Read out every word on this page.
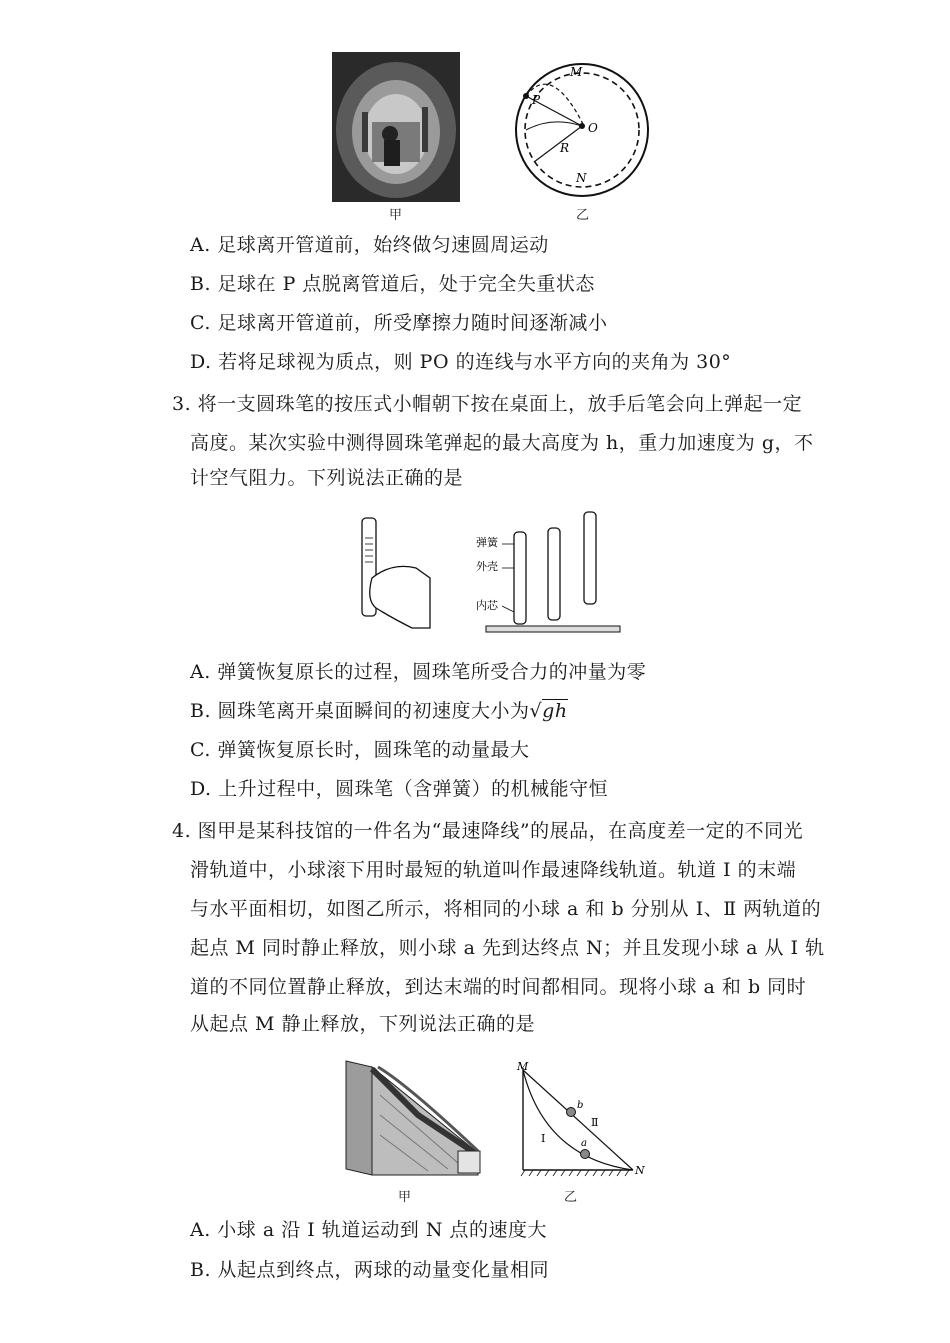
甲
M
P
O
R
N
乙
A. 足球离开管道前，始终做匀速圆周运动
B. 足球在 P 点脱离管道后，处于完全失重状态
C. 足球离开管道前，所受摩擦力随时间逐渐减小
D. 若将足球视为质点，则 PO 的连线与水平方向的夹角为 30°
3. 将一支圆珠笔的按压式小帽朝下按在桌面上，放手后笔会向上弹起一定
高度。某次实验中测得圆珠笔弹起的最大高度为 h，重力加速度为 g，不
计空气阻力。下列说法正确的是
弹簧
外壳
内芯
A. 弹簧恢复原长的过程，圆珠笔所受合力的冲量为零
B. 圆珠笔离开桌面瞬间的初速度大小为√gh
C. 弹簧恢复原长时，圆珠笔的动量最大
D. 上升过程中，圆珠笔（含弹簧）的机械能守恒
4. 图甲是某科技馆的一件名为“最速降线”的展品，在高度差一定的不同光
滑轨道中，小球滚下用时最短的轨道叫作最速降线轨道。轨道 Ⅰ 的末端
与水平面相切，如图乙所示，将相同的小球 a 和 b 分别从 Ⅰ、Ⅱ 两轨道的
起点 M 同时静止释放，则小球 a 先到达终点 N；并且发现小球 a 从 Ⅰ 轨
道的不同位置静止释放，到达末端的时间都相同。现将小球 a 和 b 同时
从起点 M 静止释放，下列说法正确的是
甲
M
N
b
a
Ⅰ
Ⅱ
乙
A. 小球 a 沿 Ⅰ 轨道运动到 N 点的速度大
B. 从起点到终点，两球的动量变化量相同
